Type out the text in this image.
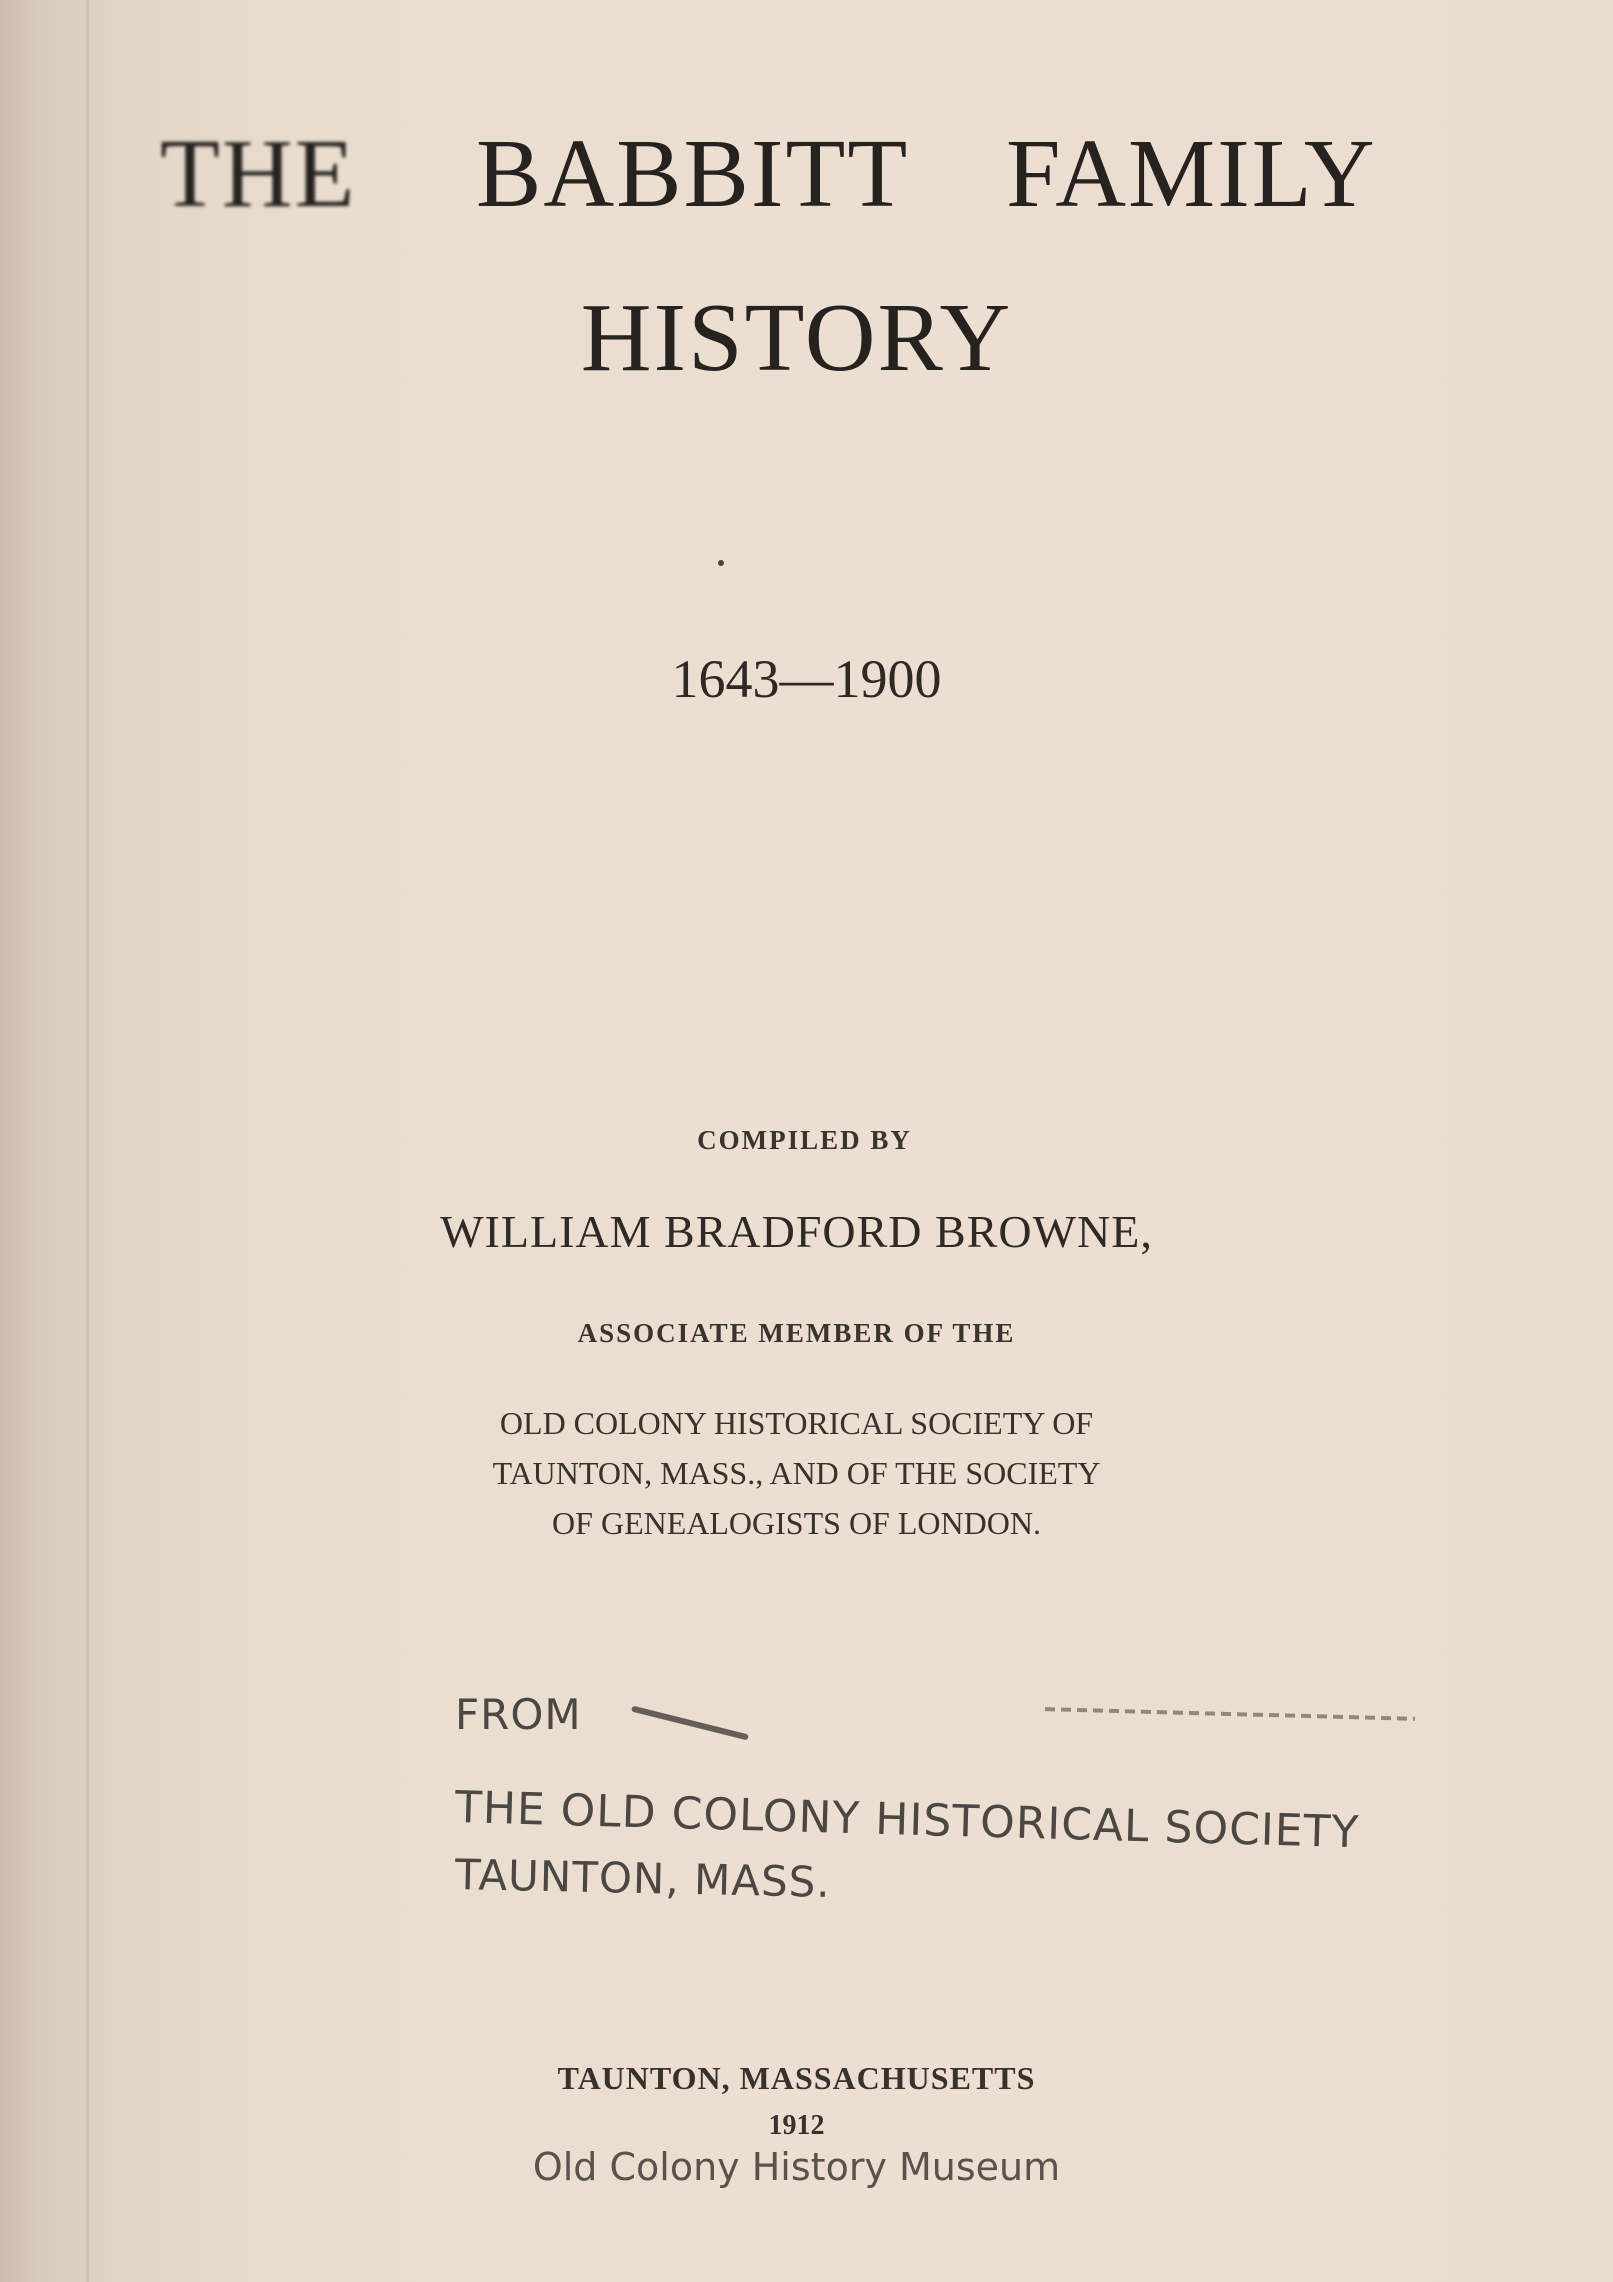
THE BABBITT FAMILY
HISTORY
1643—1900
COMPILED BY
WILLIAM BRADFORD BROWNE,
ASSOCIATE MEMBER OF THE
OLD COLONY HISTORICAL SOCIETY OF
TAUNTON, MASS., AND OF THE SOCIETY
OF GENEALOGISTS OF LONDON.
FROM
THE OLD COLONY HISTORICAL SOCIETY
TAUNTON, MASS.
TAUNTON, MASSACHUSETTS
1912
Old Colony History Museum
